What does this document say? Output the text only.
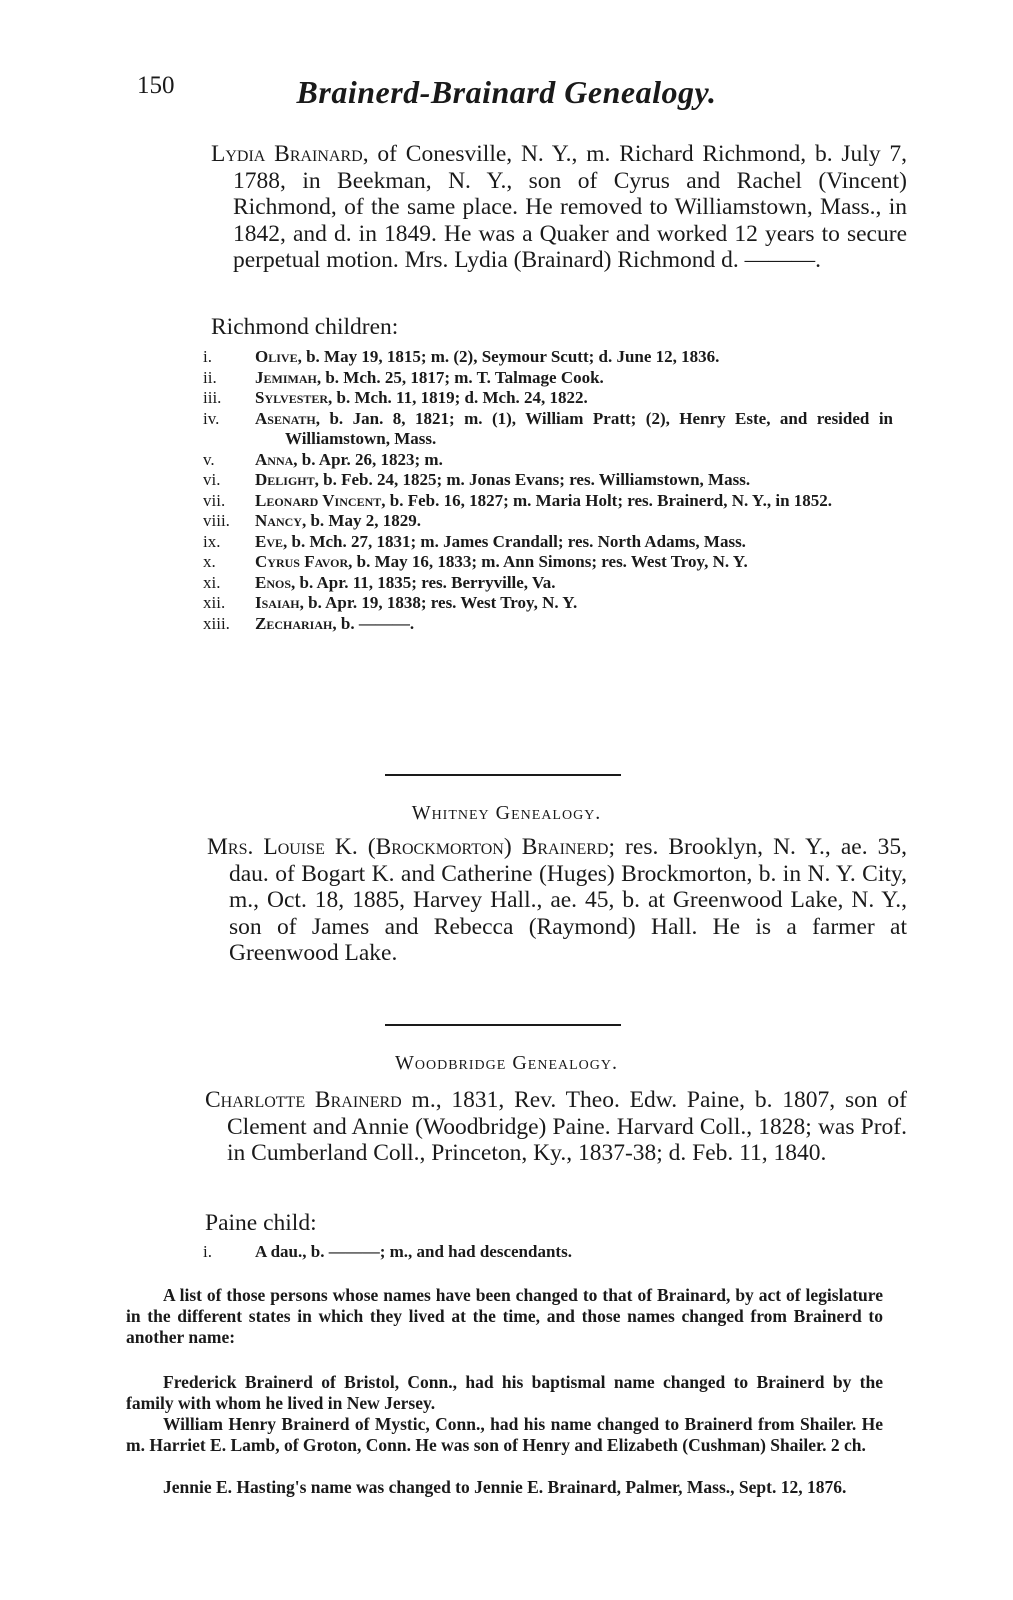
150	Brainerd-Brainard Genealogy.
Lydia Brainard, of Conesville, N. Y., m. Richard Richmond, b. July 7, 1788, in Beekman, N. Y., son of Cyrus and Rachel (Vincent) Richmond, of the same place. He removed to Williamstown, Mass., in 1842, and d. in 1849. He was a Quaker and worked 12 years to secure perpetual motion. Mrs. Lydia (Brainard) Richmond d. ———.
Richmond children:
i.	Olive, b. May 19, 1815; m. (2), Seymour Scutt; d. June 12, 1836.
ii.	Jemimah, b. Mch. 25, 1817; m. T. Talmage Cook.
iii.	Sylvester, b. Mch. 11, 1819; d. Mch. 24, 1822.
iv.	Asenath, b. Jan. 8, 1821; m. (1), William Pratt; (2), Henry Este, and resided in Williamstown, Mass.
v.	Anna, b. Apr. 26, 1823; m.
vi.	Delight, b. Feb. 24, 1825; m. Jonas Evans; res. Williamstown, Mass.
vii.	Leonard Vincent, b. Feb. 16, 1827; m. Maria Holt; res. Brainerd, N. Y., in 1852.
viii.	Nancy, b. May 2, 1829.
ix.	Eve, b. Mch. 27, 1831; m. James Crandall; res. North Adams, Mass.
x.	Cyrus Favor, b. May 16, 1833; m. Ann Simons; res. West Troy, N. Y.
xi.	Enos, b. Apr. 11, 1835; res. Berryville, Va.
xii.	Isaiah, b. Apr. 19, 1838; res. West Troy, N. Y.
xiii.	Zechariah, b. ———.
Whitney Genealogy.
Mrs. Louise K. (Brockmorton) Brainerd; res. Brooklyn, N. Y., ae. 35, dau. of Bogart K. and Catherine (Huges) Brockmorton, b. in N. Y. City, m., Oct. 18, 1885, Harvey Hall., ae. 45, b. at Greenwood Lake, N. Y., son of James and Rebecca (Raymond) Hall. He is a farmer at Greenwood Lake.
Woodbridge Genealogy.
Charlotte Brainerd m., 1831, Rev. Theo. Edw. Paine, b. 1807, son of Clement and Annie (Woodbridge) Paine. Harvard Coll., 1828; was Prof. in Cumberland Coll., Princeton, Ky., 1837-38; d. Feb. 11, 1840.
Paine child:
i.	A dau., b. ———; m., and had descendants.
A list of those persons whose names have been changed to that of Brainard, by act of legislature in the different states in which they lived at the time, and those names changed from Brainerd to another name:
Frederick Brainerd of Bristol, Conn., had his baptismal name changed to Brainerd by the family with whom he lived in New Jersey.
William Henry Brainerd of Mystic, Conn., had his name changed to Brainerd from Shailer. He m. Harriet E. Lamb, of Groton, Conn. He was son of Henry and Elizabeth (Cushman) Shailer. 2 ch.
Jennie E. Hasting's name was changed to Jennie E. Brainard, Palmer, Mass., Sept. 12, 1876.
